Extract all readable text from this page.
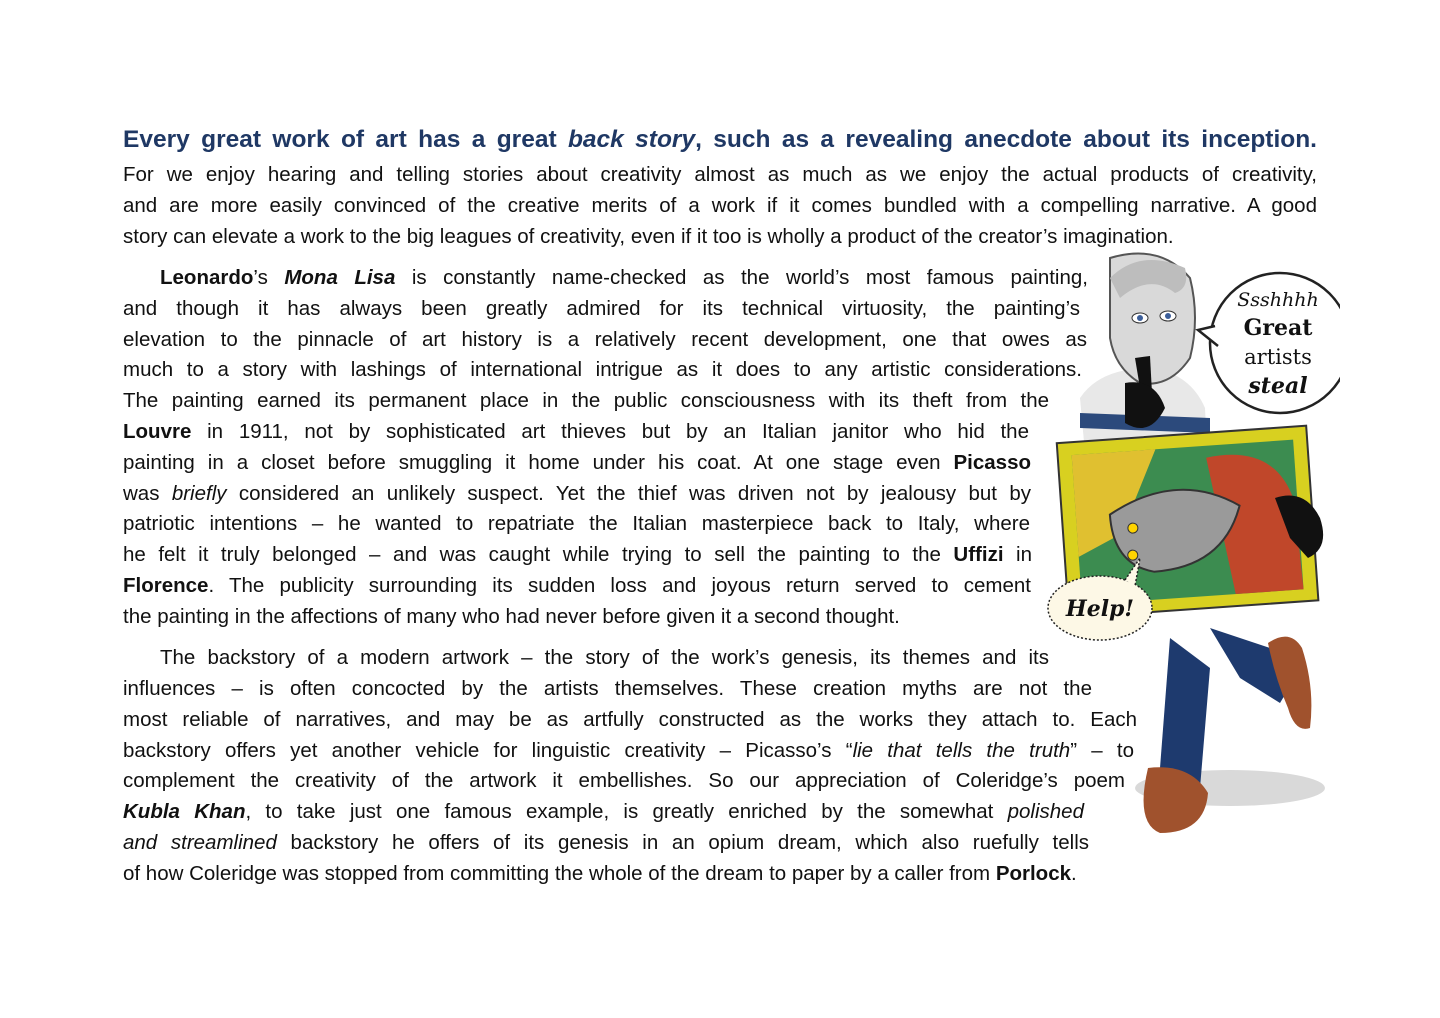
Every great work of art has a great back story, such as a revealing anecdote about its inception.

For we enjoy hearing and telling stories about creativity almost as much as we enjoy the actual products of creativity,

and are more easily convinced of the creative merits of a work if it comes bundled with a compelling narrative. A good

story can elevate a work to the big leagues of creativity, even if it too is wholly a product of the creator’s imagination.

Leonardo’s Mona Lisa is constantly name-checked as the world’s most famous painting,

and though it has always been greatly admired for its technical virtuosity, the painting’s

elevation to the pinnacle of art history is a relatively recent development, one that owes as

much to a story with lashings of international intrigue as it does to any artistic considerations.

The painting earned its permanent place in the public consciousness with its theft from the

Louvre in 1911, not by sophisticated art thieves but by an Italian janitor who hid the

painting in a closet before smuggling it home under his coat. At one stage even Picasso

was briefly considered an unlikely suspect. Yet the thief was driven not by jealousy but by

patriotic intentions – he wanted to repatriate the Italian masterpiece back to Italy, where

he felt it truly belonged – and was caught while trying to sell the painting to the Uffizi in

Florence. The publicity surrounding its sudden loss and joyous return served to cement

the painting in the affections of many who had never before given it a second thought.

The backstory of a modern artwork – the story of the work’s genesis, its themes and its

influences – is often concocted by the artists themselves. These creation myths are not the

most reliable of narratives, and may be as artfully constructed as the works they attach to. Each

backstory offers yet another vehicle for linguistic creativity – Picasso’s “lie that tells the truth” – to

complement the creativity of the artwork it embellishes. So our appreciation of Coleridge’s poem

Kubla Khan, to take just one famous example, is greatly enriched by the somewhat polished

and streamlined backstory he offers of its genesis in an opium dream, which also ruefully tells

of how Coleridge was stopped from committing the whole of the dream to paper by a caller from Porlock.

Ssshhhh
Great
artists
steal
Help!
